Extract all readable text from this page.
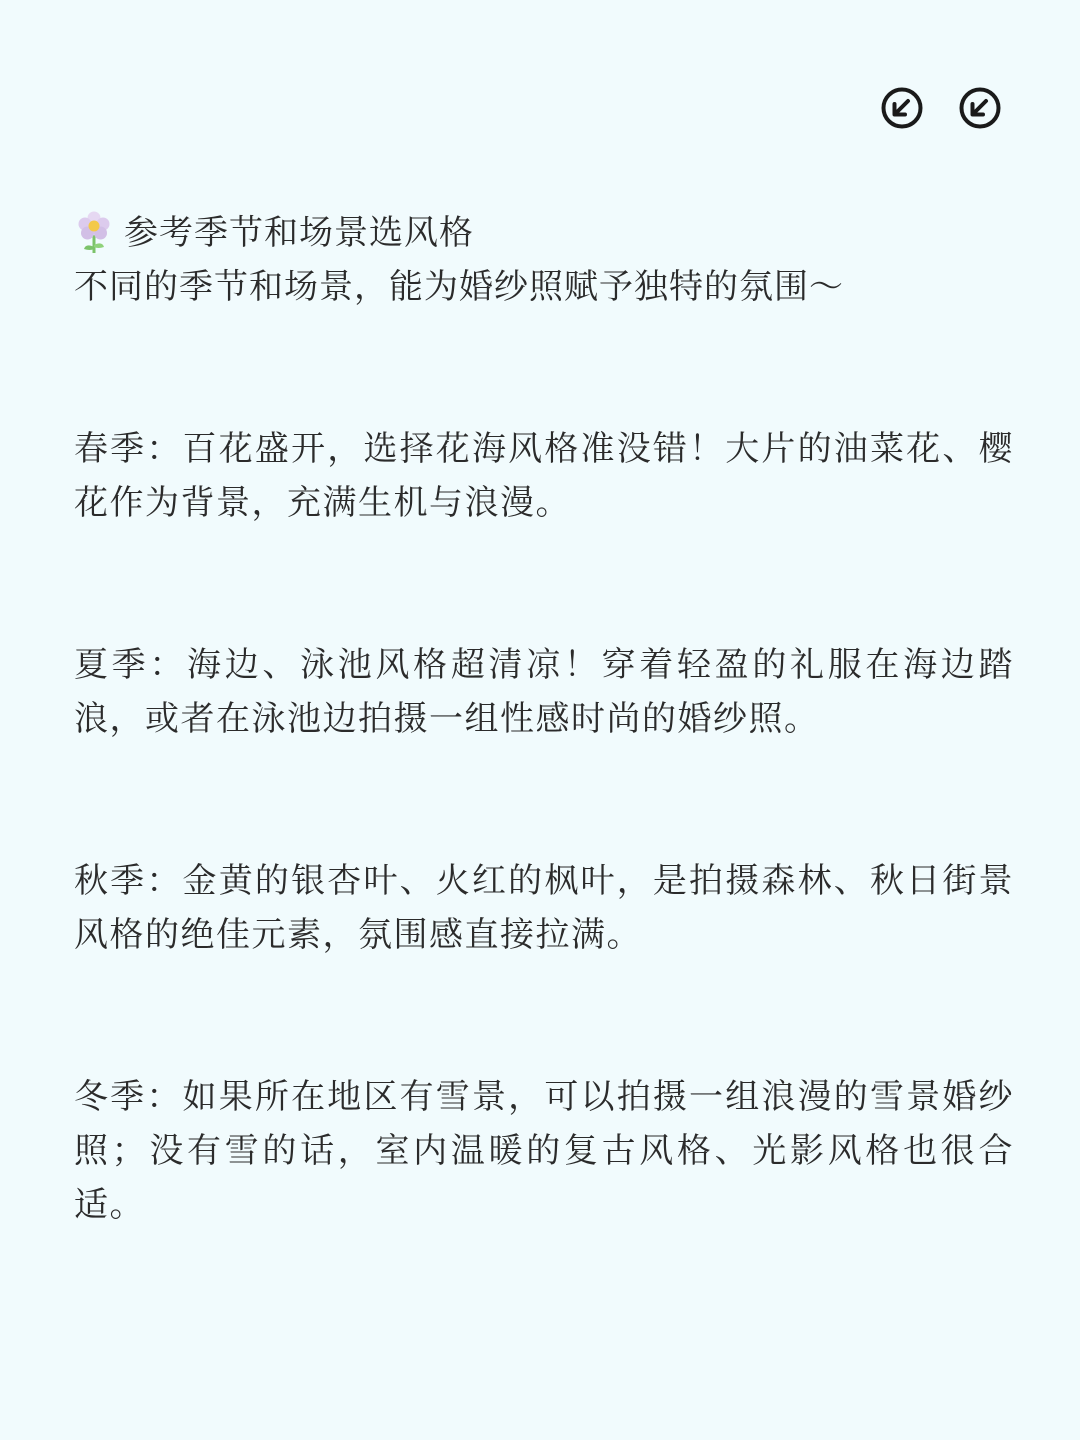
参考季节和场景选风格

不同的季节和场景，能为婚纱照赋予独特的氛围～

春季：百花盛开，选择花海风格准没错！大片的油菜花、樱花作为背景，充满生机与浪漫。

夏季：海边、泳池风格超清凉！穿着轻盈的礼服在海边踏浪，或者在泳池边拍摄一组性感时尚的婚纱照。

秋季：金黄的银杏叶、火红的枫叶，是拍摄森林、秋日街景风格的绝佳元素，氛围感直接拉满。

冬季：如果所在地区有雪景，可以拍摄一组浪漫的雪景婚纱照；没有雪的话，室内温暖的复古风格、光影风格也很合适。
